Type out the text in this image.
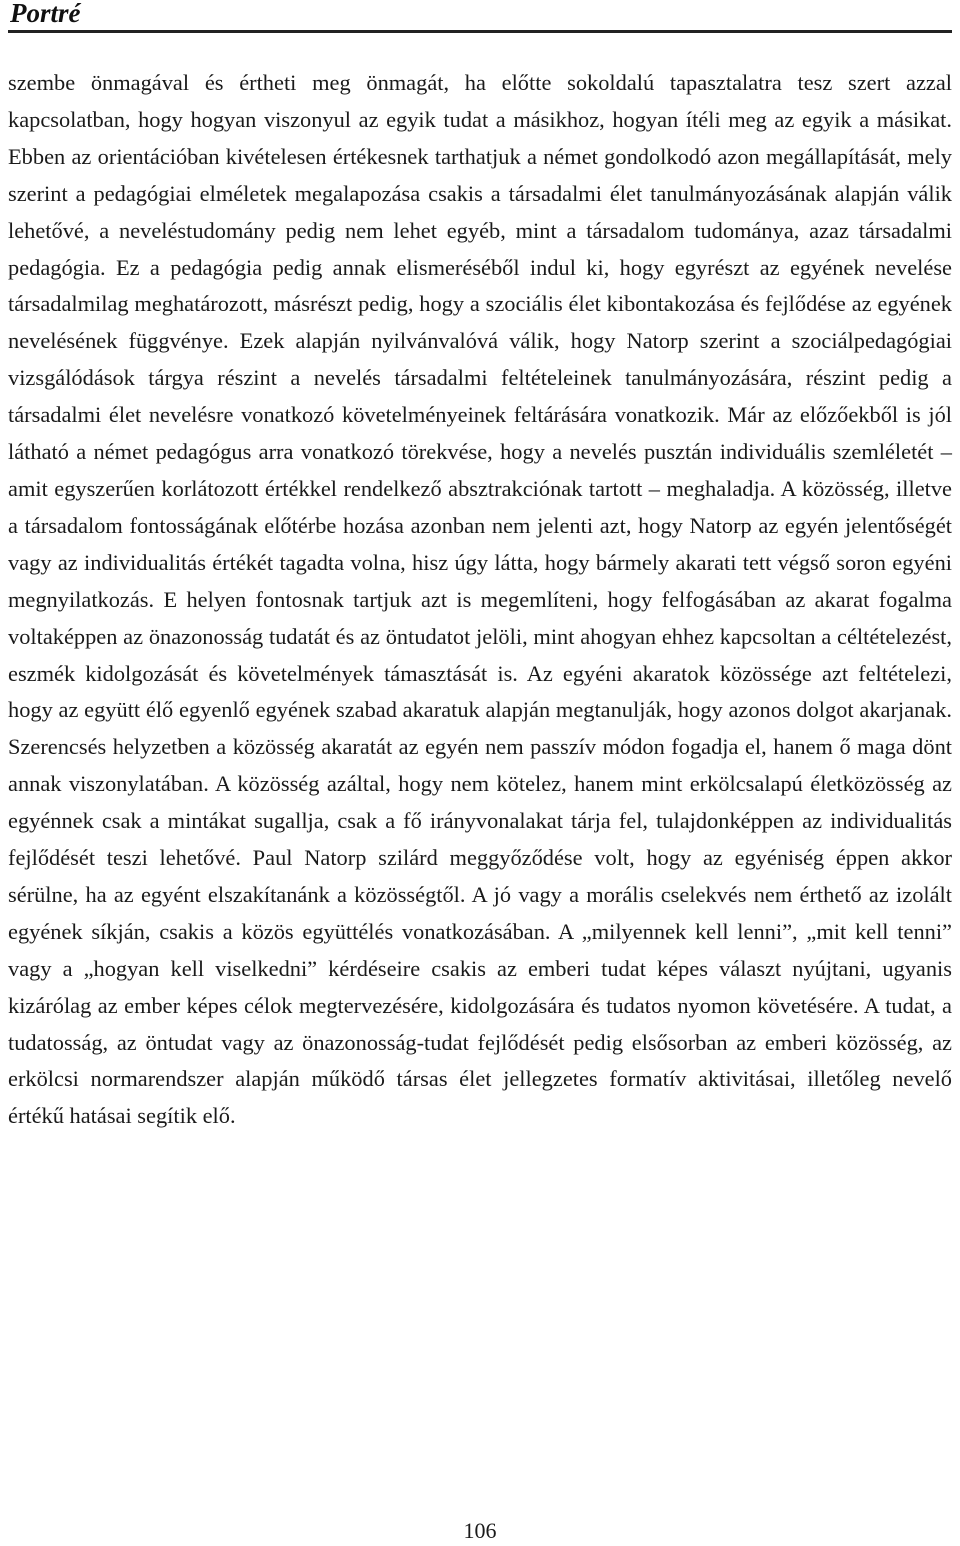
Portré

szembe önmagával és értheti meg önmagát, ha előtte sokoldalú tapasztalatra tesz szert azzal kapcsolatban, hogy hogyan viszonyul az egyik tudat a másikhoz, hogyan ítéli meg az egyik a másikat. Ebben az orientációban kivételesen értékesnek tarthatjuk a német gondolkodó azon megállapítását, mely szerint a pedagógiai elméletek megalapozása csakis a társadalmi élet tanulmányozásának alapján válik lehetővé, a neveléstudomány pedig nem lehet egyéb, mint a társadalom tudománya, azaz társadalmi pedagógia. Ez a pedagógia pedig annak elismeréséből indul ki, hogy egyrészt az egyének nevelése társadalmilag meghatározott, másrészt pedig, hogy a szociális élet kibontakozása és fejlődése az egyének nevelésének függvénye. Ezek alapján nyilvánvalóvá válik, hogy Natorp szerint a szociálpedagógiai vizsgálódások tárgya részint a nevelés társadalmi feltételeinek tanulmányozására, részint pedig a társadalmi élet nevelésre vonatkozó követelményeinek feltárására vonatkozik. Már az előzőekből is jól látható a német pedagógus arra vonatkozó törekvése, hogy a nevelés pusztán individuális szemléletét – amit egyszerűen korlátozott értékkel rendelkező absztrakciónak tartott – meghaladja. A közösség, illetve a társadalom fontosságának előtérbe hozása azonban nem jelenti azt, hogy Natorp az egyén jelentőségét vagy az individualitás értékét tagadta volna, hisz úgy látta, hogy bármely akarati tett végső soron egyéni megnyilatkozás. E helyen fontosnak tartjuk azt is megemlíteni, hogy felfogásában az akarat fogalma voltaképpen az önazonosság tudatát és az öntudatot jelöli, mint ahogyan ehhez kapcsoltan a céltételezést, eszmék kidolgozását és követelmények támasztását is. Az egyéni akaratok közössége azt feltételezi, hogy az együtt élő egyenlő egyének szabad akaratuk alapján megtanulják, hogy azonos dolgot akarjanak. Szerencsés helyzetben a közösség akaratát az egyén nem passzív módon fogadja el, hanem ő maga dönt annak viszonylatában. A közösség azáltal, hogy nem kötelez, hanem mint erkölcsalapú életközösség az egyénnek csak a mintákat sugallja, csak a fő irányvonalakat tárja fel, tulajdonképpen az individualitás fejlődését teszi lehetővé. Paul Natorp szilárd meggyőződése volt, hogy az egyéniség éppen akkor sérülne, ha az egyént elszakítanánk a közösségtől. A jó vagy a morális cselekvés nem érthető az izolált egyének síkján, csakis a közös együttélés vonatkozásában. A „milyennek kell lenni”, „mit kell tenni” vagy a „hogyan kell viselkedni” kérdéseire csakis az emberi tudat képes választ nyújtani, ugyanis kizárólag az ember képes célok megtervezésére, kidolgozására és tudatos nyomon követésére. A tudat, a tudatosság, az öntudat vagy az önazonosság-tudat fejlődését pedig elsősorban az emberi közösség, az erkölcsi normarendszer alapján működő társas élet jellegzetes formatív aktivitásai, illetőleg nevelő értékű hatásai segítik elő.

106
